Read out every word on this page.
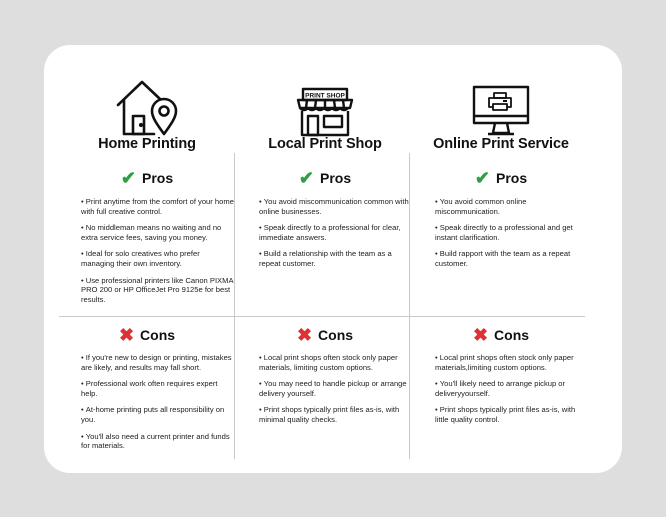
Home Printing
✔ Pros
• Print anytime from the comfort of your home with full creative control.
• No middleman means no waiting and no extra service fees, saving you money.
• Ideal for solo creatives who prefer managing their own inventory.
• Use professional printers like Canon PIXMA PRO 200 or HP OfficeJet Pro 9125e for best results.
✖ Cons
• If you're new to design or printing, mistakes are likely, and results may fall short.
• Professional work often requires expert help.
• At-home printing puts all responsibility on you.
• You'll also need a current printer and funds for materials.
PRINT SHOP
Local Print Shop
✔ Pros
• You avoid miscommunication common with online businesses.
• Speak directly to a professional for clear, immediate answers.
• Build a relationship with the team as a repeat customer.
✖ Cons
• Local print shops often stock only paper materials, limiting custom options.
• You may need to handle pickup or arrange delivery yourself.
• Print shops typically print files as-is, with minimal quality checks.
Online Print Service
✔ Pros
• You avoid common online miscommunication.
• Speak directly to a professional and get instant clarification.
• Build rapport with the team as a repeat customer.
✖ Cons
• Local print shops often stock only paper materials,limiting custom options.
• You'll likely need to arrange pickup or deliveryyourself.
• Print shops typically print files as-is, with little quality control.
